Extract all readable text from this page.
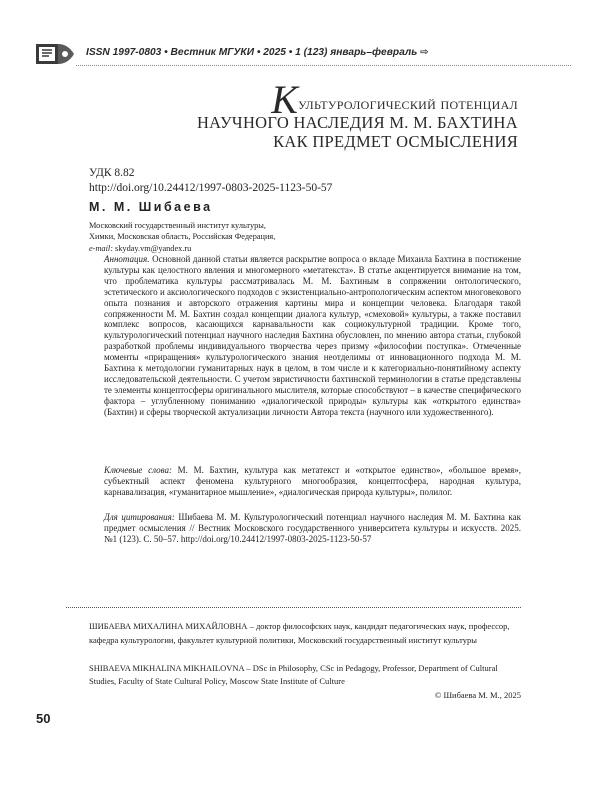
ISSN 1997-0803 • Вестник МГУКИ • 2025 • 1 (123) январь–февраль ⇨
Культурологический потенциал
НАУЧНОГО НАСЛЕДИЯ М. М. БАХТИНА
КАК ПРЕДМЕТ ОСМЫСЛЕНИЯ
УДК 8.82
http://doi.org/10.24412/1997-0803-2025-1123-50-57
М. М. Шибаева
Московский государственный институт культуры,
Химки, Московская область, Российская Федерация,
e-mail: skyday.vm@yandex.ru
Аннотация. Основной данной статьи является раскрытие вопроса о вкладе Михаила Бахтина в постижение культуры как целостного явления и многомерного «метатекста». В статье акцентируется внимание на том, что проблематика культуры рассматривалась М. М. Бахтиным в сопряжении онтологического, эстетического и аксиологического подходов с экзистенциально-антропологическим аспектом многовекового опыта познания и авторского отражения картины мира и концепции человека. Благодаря такой сопряженности М. М. Бахтин создал концепции диалога культур, «смеховой» культуры, а также поставил комплекс вопросов, касающихся карнавальности как социокультурной традиции. Кроме того, культурологический потенциал научного наследия Бахтина обусловлен, по мнению автора статьи, глубокой разработкой проблемы индивидуального творчества через призму «философии поступка». Отмеченные моменты «приращения» культурологического знания неотделимы от инновационного подхода М. М. Бахтина к методологии гуманитарных наук в целом, в том числе и к категориально-понятийному аспекту исследовательской деятельности. С учетом эвристичности бахтинской терминологии в статье представлены те элементы концептосферы оригинального мыслителя, которые способствуют – в качестве специфического фактора – углубленному пониманию «диалогической природы» культуры как «открытого единства» (Бахтин) и сферы творческой актуализации личности Автора текста (научного или художественного).
Ключевые слова: М. М. Бахтин, культура как метатекст и «открытое единство», «большое время», субъектный аспект феномена культурного многообразия, концептосфера, народная культура, карнавализация, «гуманитарное мышление», «диалогическая природа культуры», полилог.
Для цитирования: Шибаева М. М. Культурологический потенциал научного наследия М. М. Бахтина как предмет осмысления // Вестник Московского государственного университета культуры и искусств. 2025. №1 (123). С. 50–57. http://doi.org/10.24412/1997-0803-2025-1123-50-57
ШИБАЕВА МИХАЛИНА МИХАЙЛОВНА – доктор философских наук, кандидат педагогических наук, профессор, кафедра культурологии, факультет культурной политики, Московский государственный институт культуры
SHIBAEVA MIKHALINA MIKHAILOVNA – DSc in Philosophy, CSc in Pedagogy, Professor, Department of Cultural Studies, Faculty of State Cultural Policy, Moscow State Institute of Culture
© Шибаева М. М., 2025
50
